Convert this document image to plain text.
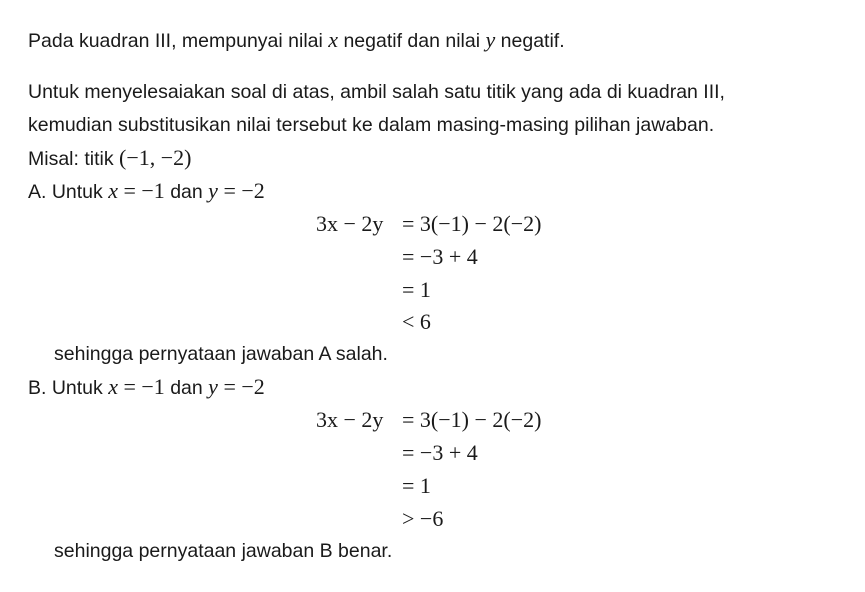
Pada kuadran III, mempunyai nilai x negatif dan nilai y negatif.
Untuk menyelesaiakan soal di atas, ambil salah satu titik yang ada di kuadran III,
kemudian substitusikan nilai tersebut ke dalam masing-masing pilihan jawaban.
Misal: titik (−1, −2)
A. Untuk x = −1 dan y = −2
3x − 2y = 3(−1) − 2(−2)
= −3 + 4
= 1
< 6
sehingga pernyataan jawaban A salah.
B. Untuk x = −1 dan y = −2
3x − 2y = 3(−1) − 2(−2)
= −3 + 4
= 1
> −6
sehingga pernyataan jawaban B benar.
